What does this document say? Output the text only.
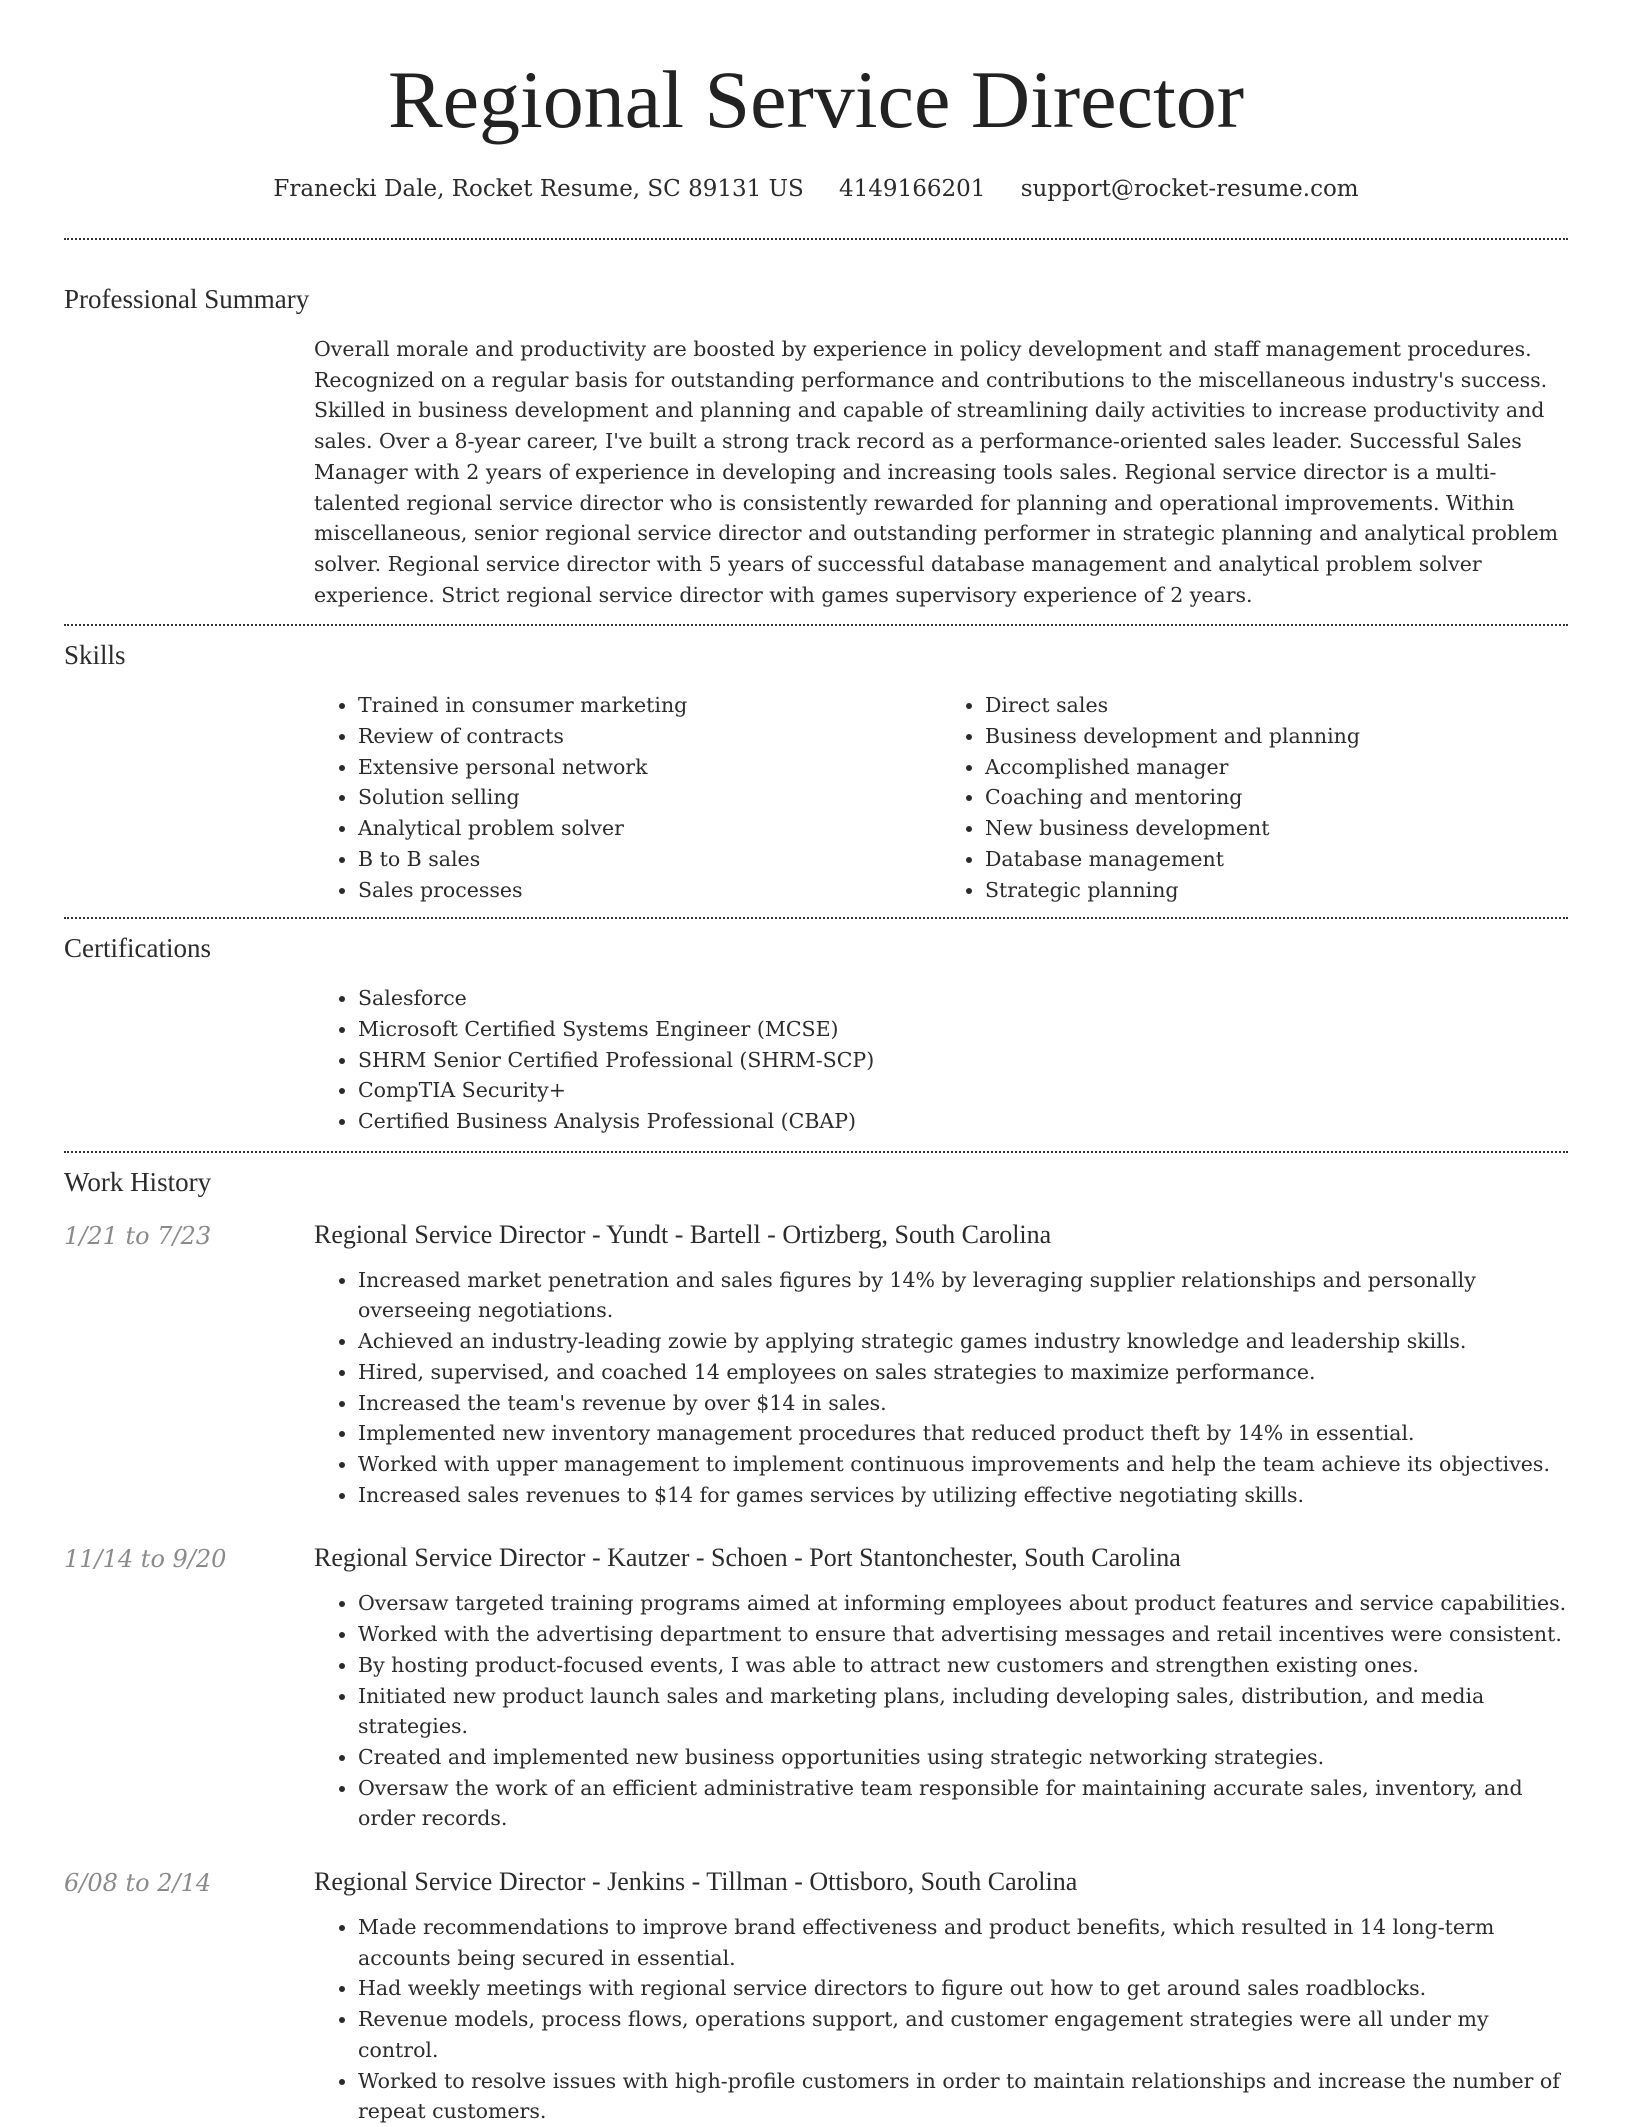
Regional Service Director
Franecki Dale, Rocket Resume, SC 89131 US 4149166201 support@rocket-resume.com
Professional Summary

Overall morale and productivity are boosted by experience in policy development and staff management procedures. Recognized on a regular basis for outstanding performance and contributions to the miscellaneous industry's success. Skilled in business development and planning and capable of streamlining daily activities to increase productivity and sales. Over a 8-year career, I've built a strong track record as a performance-oriented sales leader. Successful Sales Manager with 2 years of experience in developing and increasing tools sales. Regional service director is a multi-talented regional service director who is consistently rewarded for planning and operational improvements. Within miscellaneous, senior regional service director and outstanding performer in strategic planning and analytical problem solver. Regional service director with 5 years of successful database management and analytical problem solver experience. Strict regional service director with games supervisory experience of 2 years.

Skills
• Trained in consumer marketing
• Review of contracts
• Extensive personal network
• Solution selling
• Analytical problem solver
• B to B sales
• Sales processes
• Direct sales
• Business development and planning
• Accomplished manager
• Coaching and mentoring
• New business development
• Database management
• Strategic planning
Certifications
• Salesforce
• Microsoft Certified Systems Engineer (MCSE)
• SHRM Senior Certified Professional (SHRM-SCP)
• CompTIA Security+
• Certified Business Analysis Professional (CBAP)
Work History
1/21 to 7/23	Regional Service Director - Yundt - Bartell - Ortizberg, South Carolina
• Increased market penetration and sales figures by 14% by leveraging supplier relationships and personally overseeing negotiations.
• Achieved an industry-leading zowie by applying strategic games industry knowledge and leadership skills.
• Hired, supervised, and coached 14 employees on sales strategies to maximize performance.
• Increased the team's revenue by over $14 in sales.
• Implemented new inventory management procedures that reduced product theft by 14% in essential.
• Worked with upper management to implement continuous improvements and help the team achieve its objectives.
• Increased sales revenues to $14 for games services by utilizing effective negotiating skills.
11/14 to 9/20	Regional Service Director - Kautzer - Schoen - Port Stantonchester, South Carolina
• Oversaw targeted training programs aimed at informing employees about product features and service capabilities.
• Worked with the advertising department to ensure that advertising messages and retail incentives were consistent.
• By hosting product-focused events, I was able to attract new customers and strengthen existing ones.
• Initiated new product launch sales and marketing plans, including developing sales, distribution, and media strategies.
• Created and implemented new business opportunities using strategic networking strategies.
• Oversaw the work of an efficient administrative team responsible for maintaining accurate sales, inventory, and order records.
6/08 to 2/14	Regional Service Director - Jenkins - Tillman - Ottisboro, South Carolina
• Made recommendations to improve brand effectiveness and product benefits, which resulted in 14 long-term accounts being secured in essential.
• Had weekly meetings with regional service directors to figure out how to get around sales roadblocks.
• Revenue models, process flows, operations support, and customer engagement strategies were all under my control.
• Worked to resolve issues with high-profile customers in order to maintain relationships and increase the number of repeat customers.
